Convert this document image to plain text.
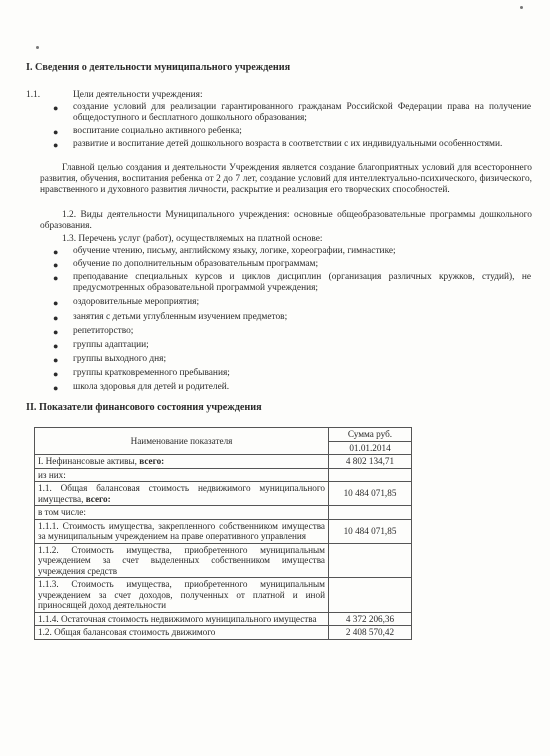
I. Сведения о деятельности муниципального учреждения
1.1.	Цели деятельности учреждения:
● создание условий для реализации гарантированного гражданам Российской Федерации права на получение общедоступного и бесплатного дошкольного образования;
● воспитание социально активного ребенка;
● развитие и воспитание детей дошкольного возраста в соответствии с их индивидуальными особенностями.
Главной целью создания и деятельности Учреждения является создание благоприятных условий для всестороннего развития, обучения, воспитания ребенка от 2 до 7 лет, создание условий для интеллектуально-психического, физического, нравственного и духовного развития личности, раскрытие и реализация его творческих способностей.
1.2. Виды деятельности Муниципального учреждения: основные общеобразовательные программы дошкольного образования.
1.3. Перечень услуг (работ), осуществляемых на платной основе:
● обучение чтению, письму, английскому языку, логике, хореографии, гимнастике;
● обучение по дополнительным образовательным программам;
● преподавание специальных курсов и циклов дисциплин (организация различных кружков, студий), не предусмотренных образовательной программой учреждения;
● оздоровительные мероприятия;
● занятия с детьми углубленным изучением предметов;
● репетиторство;
● группы адаптации;
● группы выходного дня;
● группы кратковременного пребывания;
● школа здоровья для детей и родителей.
II. Показатели финансового состояния учреждения
Наименование показателя	Сумма руб.
	01.01.2014
I. Нефинансовые активы, всего:	4 802 134,71
из них:	
1.1. Общая балансовая стоимость недвижимого муниципального имущества, всего:	10 484 071,85
в том числе:	
1.1.1. Стоимость имущества, закрепленного собственником имущества за муниципальным учреждением на праве оперативного управления	10 484 071,85
1.1.2. Стоимость имущества, приобретенного муниципальным учреждением за счет выделенных собственником имущества учреждения средств	
1.1.3. Стоимость имущества, приобретенного муниципальным учреждением за счет доходов, полученных от платной и иной приносящей доход деятельности	
1.1.4. Остаточная стоимость недвижимого муниципального имущества	4 372 206,36
1.2. Общая балансовая стоимость движимого	2 408 570,42
